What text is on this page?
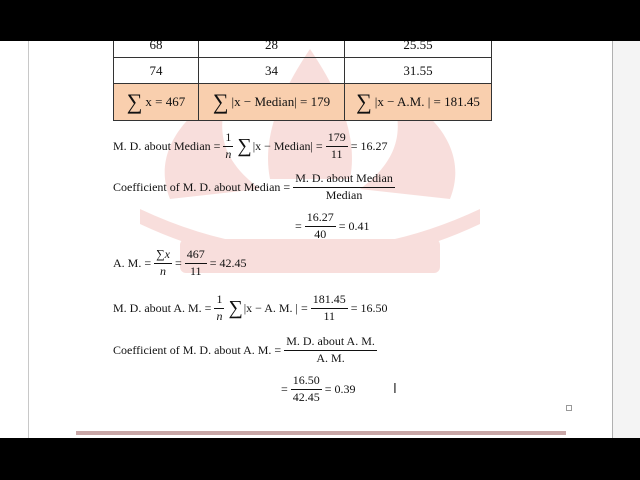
68	28	25.55
74	34	31.55

∑ x = 467	∑ |x − Median| = 179	∑ |x − A.M. | = 181.45
M. D. about Median = $\frac{1}{n}$ ∑ |x − Median| = $\frac{179}{11} = 16.27$
Coefficient of M. D. about Median = $\frac{\text{M. D. about Median}}{\text{Median}}$
= $\frac{16.27}{40} = 0.41$
A. M. = $\frac{\sum x}{n} = \frac{467}{11} = 42.45$
M. D. about A. M. = $\frac{1}{n}$ ∑ |x − A. M. | = $\frac{181.45}{11} = 16.50$
Coefficient of M. D. about A. M. = $\frac{\text{M. D. about A. M.}}{A. M.}$
= $\frac{16.50}{42.45} = 0.39$	I
